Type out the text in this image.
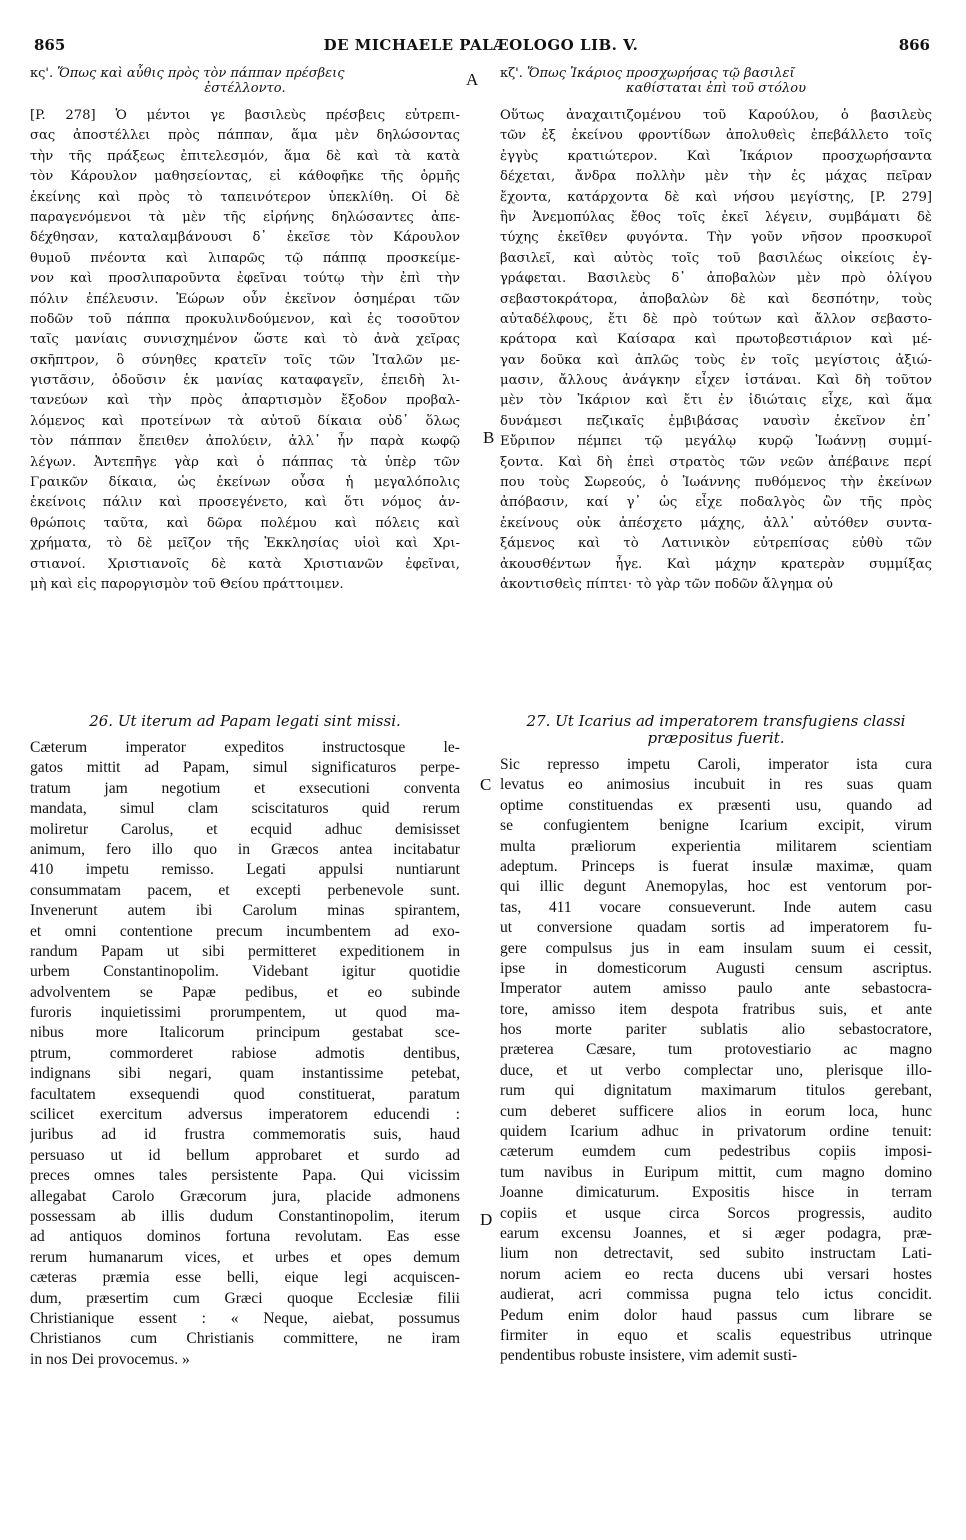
865	DE MICHAELE PALÆOLOGO LIB. V.	866
A
B
C
D
κς'. Ὅπως καὶ αὖθις πρὸς τὸν πάππαν πρέσβεις
ἐστέλλοντο.
[P. 278] Ὁ μέντοι γε βασιλεὺς πρέσβεις εὐτρεπι-
σας ἀποστέλλει πρὸς πάππαν, ἅμα μὲν δηλώσοντας
τὴν τῆς πράξεως ἐπιτελεσμόν, ἅμα δὲ καὶ τὰ κατὰ
τὸν Κάρουλον μαθησείοντας, εἰ κάθοφῆκε τῆς ὁρμῆς
ἐκείνης καὶ πρὸς τὸ ταπεινότερον ὑπεκλίθη. Οἱ δὲ
παραγενόμενοι τὰ μὲν τῆς εἰρήνης δηλώσαντες ἀπε-
δέχθησαν, καταλαμβάνουσι δ᾽ ἐκεῖσε τὸν Κάρουλον
θυμοῦ πνέοντα καὶ λιπαρῶς τῷ πάππᾳ προσκείμε-
νον καὶ προσλιπαροῦντα ἐφεῖναι τούτῳ τὴν ἐπὶ τὴν
πόλιν ἐπέλευσιν. Ἑώρων οὖν ἐκεῖνον ὁσημέραι τῶν
ποδῶν τοῦ πάππα προκυλινδούμενον, καὶ ἐς τοσοῦτον
ταῖς μανίαις συνισχημένον ὥστε καὶ τὸ ἀνὰ χεῖρας
σκῆπτρον, ὃ σύνηθες κρατεῖν τοῖς τῶν Ἰταλῶν με-
γιστᾶσιν, ὀδοῦσιν ἐκ μανίας καταφαγεῖν, ἐπειδὴ λι-
τανεύων καὶ τὴν πρὸς ἀπαρτισμὸν ἔξοδον προβαλ-
λόμενος καὶ προτείνων τὰ αὐτοῦ δίκαια οὐδ᾽ ὅλως
τὸν πάππαν ἔπειθεν ἀπολύειν, ἀλλ᾽ ἦν παρὰ κωφῷ
λέγων. Ἀντεπῆγε γὰρ καὶ ὁ πάππας τὰ ὑπὲρ τῶν
Γραικῶν δίκαια, ὡς ἐκείνων οὖσα ἡ μεγαλόπολις
ἐκείνοις πάλιν καὶ προσεγένετο, καὶ ὅτι νόμος ἀν-
θρώποις ταῦτα, καὶ δῶρα πολέμου καὶ πόλεις καὶ
χρήματα, τὸ δὲ μεῖζον τῆς Ἐκκλησίας υἱοὶ καὶ Χρι-
στιανοί. Χριστιανοῖς δὲ κατὰ Χριστιανῶν ἐφεῖναι,
μὴ καὶ εἰς παροργισμὸν τοῦ Θείου πράττοιμεν.
κζ'. Ὅπως Ἰκάριος προσχωρήσας τῷ βασιλεῖ
καθίσταται ἐπὶ τοῦ στόλου
Οὕτως ἀναχαιτιζομένου τοῦ Καρούλου, ὁ βασιλεὺς
τῶν ἐξ ἐκείνου φροντίδων ἀπολυθεὶς ἐπεβάλλετο τοῖς
ἐγγὺς κρατιώτερον. Καὶ Ἰκάριον προσχωρήσαντα
δέχεται, ἄνδρα πολλὴν μὲν τὴν ἐς μάχας πεῖραν
ἔχοντα, κατάρχοντα δὲ καὶ νήσου μεγίστης, [P. 279]
ἣν Ἀνεμοπύλας ἔθος τοῖς ἐκεῖ λέγειν, συμβάματι δὲ
τύχης ἐκεῖθεν φυγόντα. Τὴν γοῦν νῆσον προσκυροῖ
βασιλεῖ, καὶ αὐτὸς τοῖς τοῦ βασιλέως οἰκείοις ἐγ-
γράφεται. Βασιλεὺς δ᾽ ἀποβαλὼν μὲν πρὸ ὀλίγου
σεβαστοκράτορα, ἀποβαλὼν δὲ καὶ δεσπότην, τοὺς
αὐταδέλφους, ἔτι δὲ πρὸ τούτων καὶ ἄλλον σεβαστο-
κράτορα καὶ Καίσαρα καὶ πρωτοβεστιάριον καὶ μέ-
γαν δοῦκα καὶ ἁπλῶς τοὺς ἐν τοῖς μεγίστοις ἀξιώ-
μασιν, ἄλλους ἀνάγκην εἶχεν ἱστάναι. Καὶ δὴ τοῦτον
μὲν τὸν Ἰκάριον καὶ ἔτι ἐν ἰδιώταις εἶχε, καὶ ἅμα
δυνάμεσι πεζικαῖς ἐμβιβάσας ναυσὶν ἐκεῖνον ἐπ᾽
Εὔριπον πέμπει τῷ μεγάλῳ κυρῷ Ἰωάννῃ συμμί-
ξοντα. Καὶ δὴ ἐπεὶ στρατὸς τῶν νεῶν ἀπέβαινε περί
που τοὺς Σωρεούς, ὁ Ἰωάννης πυθόμενος τὴν ἐκείνων
ἀπόβασιν, καί γ᾽ ὡς εἶχε ποδαλγὸς ὢν τῆς πρὸς
ἐκείνους οὐκ ἀπέσχετο μάχης, ἀλλ᾽ αὐτόθεν συντα-
ξάμενος καὶ τὸ Λατινικὸν εὐτρεπίσας εὐθὺ τῶν
ἀκουσθέντων ἦγε. Καὶ μάχην κρατερὰν συμμίξας
ἀκοντισθεὶς πίπτει· τὸ γὰρ τῶν ποδῶν ἄλγημα οὐ
26. Ut iterum ad Papam legati sint missi.
Cæterum imperator expeditos instructosque le-
gatos mittit ad Papam, simul significaturos perpe-
tratum jam negotium et exsecutioni conventa
mandata, simul clam sciscitaturos quid rerum
moliretur Carolus, et ecquid adhuc demisisset
animum, fero illo quo in Græcos antea incitabatur
410 impetu remisso. Legati appulsi nuntiarunt
consummatam pacem, et excepti perbenevole sunt.
Invenerunt autem ibi Carolum minas spirantem,
et omni contentione precum incumbentem ad exo-
randum Papam ut sibi permitteret expeditionem in
urbem Constantinopolim. Videbant igitur quotidie
advolventem se Papæ pedibus, et eo subinde
furoris inquietissimi prorumpentem, ut quod ma-
nibus more Italicorum principum gestabat sce-
ptrum, commorderet rabiose admotis dentibus,
indignans sibi negari, quam instantissime petebat,
facultatem exsequendi quod constituerat, paratum
scilicet exercitum adversus imperatorem educendi :
juribus ad id frustra commemoratis suis, haud
persuaso ut id bellum approbaret et surdo ad
preces omnes tales persistente Papa. Qui vicissim
allegabat Carolo Græcorum jura, placide admonens
possessam ab illis dudum Constantinopolim, iterum
ad antiquos dominos fortuna revolutam. Eas esse
rerum humanarum vices, et urbes et opes demum
cæteras præmia esse belli, eique legi acquiscen-
dum, præsertim cum Græci quoque Ecclesiæ filii
Christianique essent : « Neque, aiebat, possumus
Christianos cum Christianis committere, ne iram
in nos Dei provocemus. »
27. Ut Icarius ad imperatorem transfugiens classi
præpositus fuerit.
Sic represso impetu Caroli, imperator ista cura
levatus eo animosius incubuit in res suas quam
optime constituendas ex præsenti usu, quando ad
se confugientem benigne Icarium excipit, virum
multa præliorum experientia militarem scientiam
adeptum. Princeps is fuerat insulæ maximæ, quam
qui illic degunt Anemopylas, hoc est ventorum por-
tas, 411 vocare consueverunt. Inde autem casu
ut conversione quadam sortis ad imperatorem fu-
gere compulsus jus in eam insulam suum ei cessit,
ipse in domesticorum Augusti censum ascriptus.
Imperator autem amisso paulo ante sebastocra-
tore, amisso item despota fratribus suis, et ante
hos morte pariter sublatis alio sebastocratore,
præterea Cæsare, tum protovestiario ac magno
duce, et ut verbo complectar uno, plerisque illo-
rum qui dignitatum maximarum titulos gerebant,
cum deberet sufficere alios in eorum loca, hunc
quidem Icarium adhuc in privatorum ordine tenuit:
cæterum eumdem cum pedestribus copiis imposi-
tum navibus in Euripum mittit, cum magno domino
Joanne dimicaturum. Expositis hisce in terram
copiis et usque circa Sorcos progressis, audito
earum excensu Joannes, et si æger podagra, præ-
lium non detrectavit, sed subito instructam Lati-
norum aciem eo recta ducens ubi versari hostes
audierat, acri commissa pugna telo ictus concidit.
Pedum enim dolor haud passus cum librare se
firmiter in equo et scalis equestribus utrinque
pendentibus robuste insistere, vim ademit susti-
